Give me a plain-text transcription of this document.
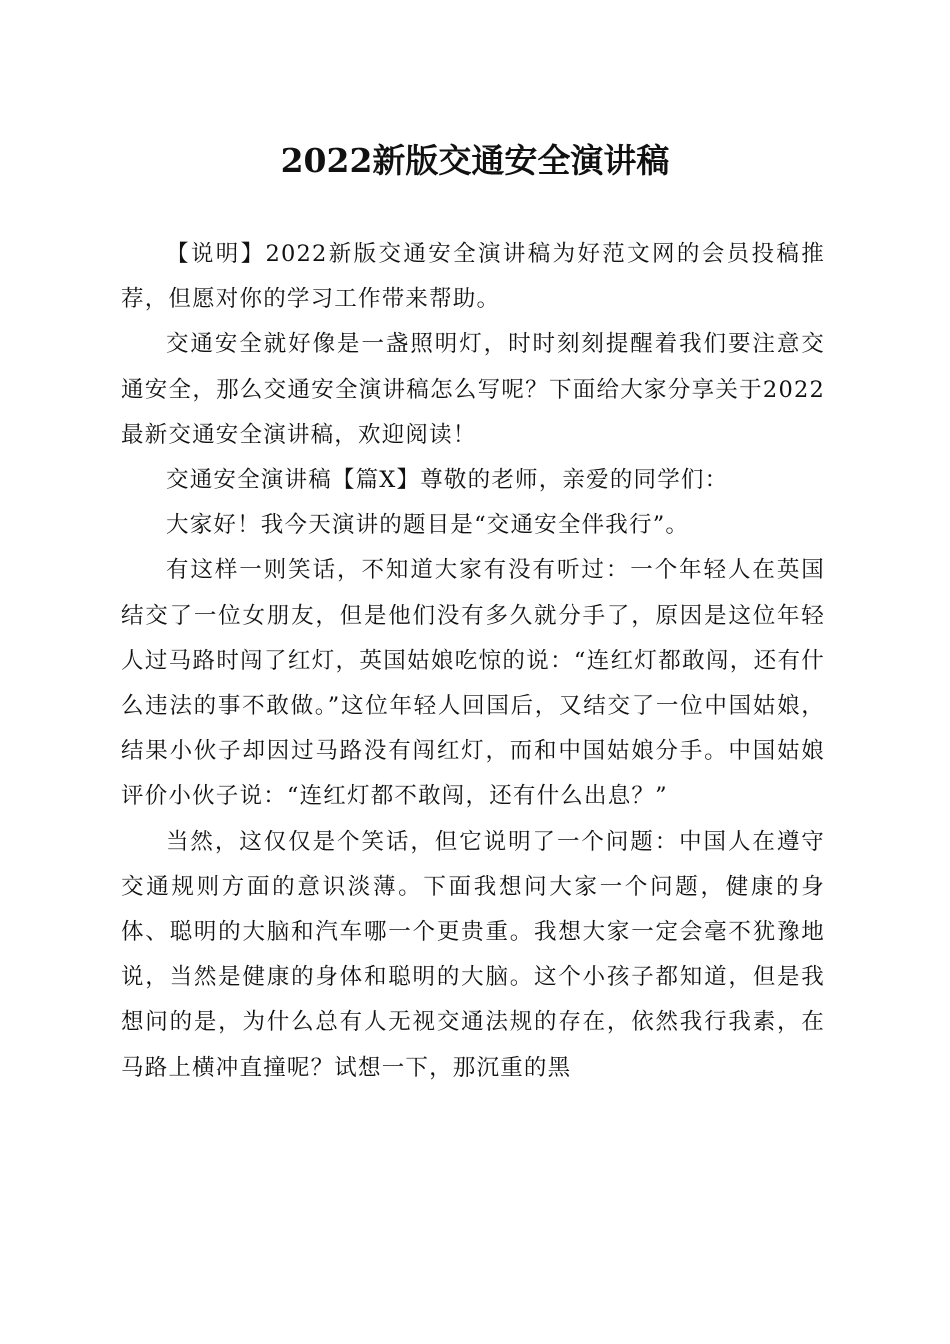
2022新版交通安全演讲稿

【说明】2022新版交通安全演讲稿为好范文网的会员投稿推荐，但愿对你的学习工作带来帮助。

交通安全就好像是一盏照明灯，时时刻刻提醒着我们要注意交通安全，那么交通安全演讲稿怎么写呢？下面给大家分享关于2022最新交通安全演讲稿，欢迎阅读！

交通安全演讲稿【篇X】尊敬的老师，亲爱的同学们：

大家好！我今天演讲的题目是“交通安全伴我行”。

有这样一则笑话，不知道大家有没有听过：一个年轻人在英国结交了一位女朋友，但是他们没有多久就分手了，原因是这位年轻人过马路时闯了红灯，英国姑娘吃惊的说：“连红灯都敢闯，还有什么违法的事不敢做。”这位年轻人回国后，又结交了一位中国姑娘，结果小伙子却因过马路没有闯红灯，而和中国姑娘分手。中国姑娘评价小伙子说：“连红灯都不敢闯，还有什么出息？”

当然，这仅仅是个笑话，但它说明了一个问题：中国人在遵守交通规则方面的意识淡薄。下面我想问大家一个问题，健康的身体、聪明的大脑和汽车哪一个更贵重。我想大家一定会毫不犹豫地说，当然是健康的身体和聪明的大脑。这个小孩子都知道，但是我想问的是，为什么总有人无视交通法规的存在，依然我行我素，在马路上横冲直撞呢？试想一下，那沉重的黑
